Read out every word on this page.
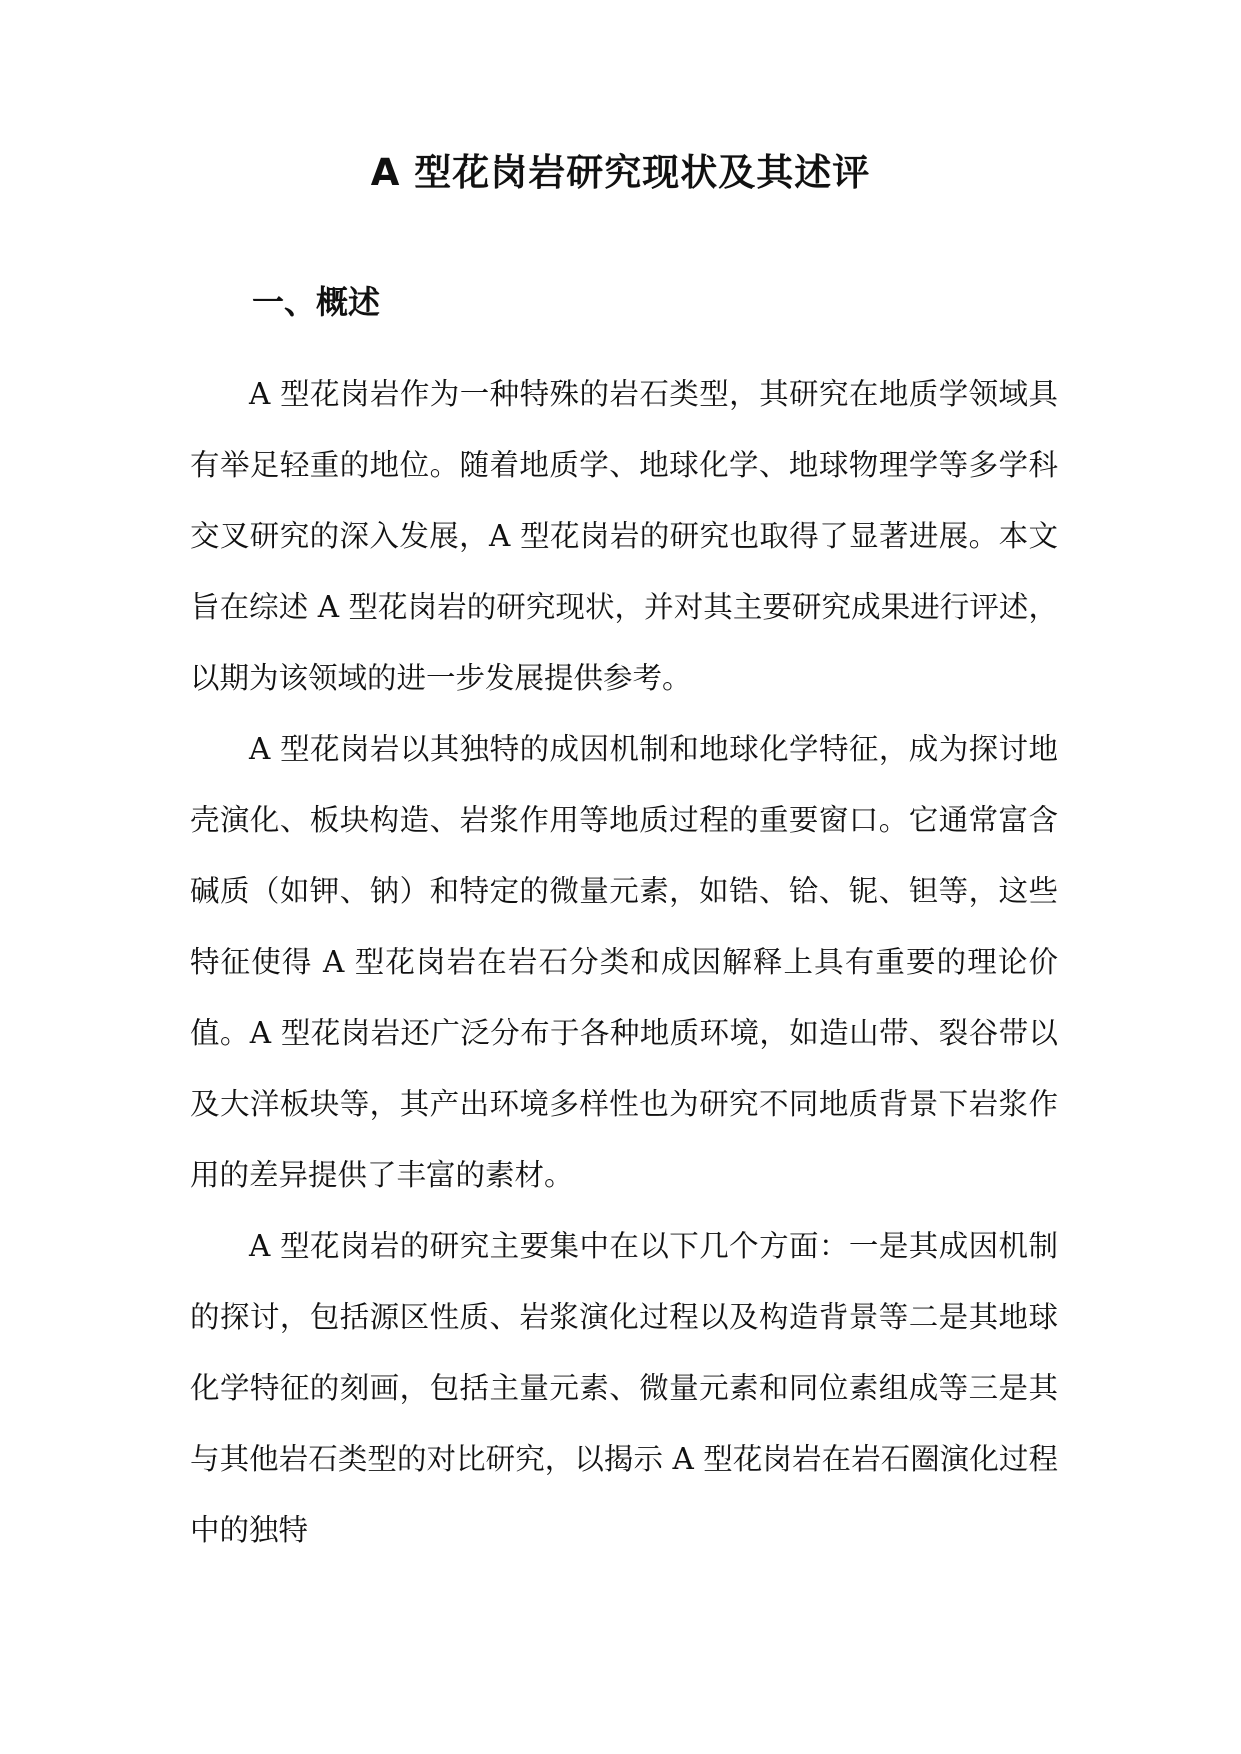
A 型花岗岩研究现状及其述评
一、概述

A 型花岗岩作为一种特殊的岩石类型，其研究在地质学领域具有举足轻重的地位。随着地质学、地球化学、地球物理学等多学科交叉研究的深入发展，A 型花岗岩的研究也取得了显著进展。本文旨在综述 A 型花岗岩的研究现状，并对其主要研究成果进行评述，以期为该领域的进一步发展提供参考。

A 型花岗岩以其独特的成因机制和地球化学特征，成为探讨地壳演化、板块构造、岩浆作用等地质过程的重要窗口。它通常富含碱质（如钾、钠）和特定的微量元素，如锆、铪、铌、钽等，这些特征使得 A 型花岗岩在岩石分类和成因解释上具有重要的理论价值。A 型花岗岩还广泛分布于各种地质环境，如造山带、裂谷带以及大洋板块等，其产出环境多样性也为研究不同地质背景下岩浆作用的差异提供了丰富的素材。

A 型花岗岩的研究主要集中在以下几个方面：一是其成因机制的探讨，包括源区性质、岩浆演化过程以及构造背景等二是其地球化学特征的刻画，包括主量元素、微量元素和同位素组成等三是其与其他岩石类型的对比研究，以揭示 A 型花岗岩在岩石圈演化过程中的独特
